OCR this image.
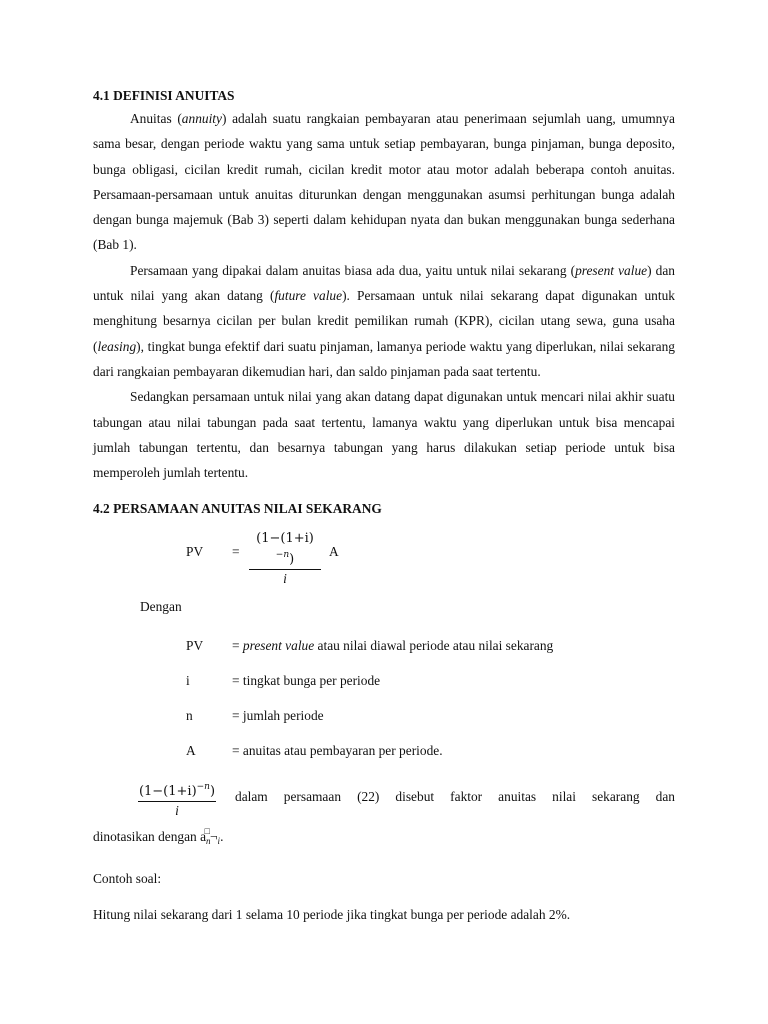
4.1 DEFINISI ANUITAS

Anuitas (annuity) adalah suatu rangkaian pembayaran atau penerimaan sejumlah uang, umumnya sama besar, dengan periode waktu yang sama untuk setiap pembayaran, bunga pinjaman, bunga deposito, bunga obligasi, cicilan kredit rumah, cicilan kredit motor atau motor adalah beberapa contoh anuitas. Persamaan-persamaan untuk anuitas diturunkan dengan menggunakan asumsi perhitungan bunga adalah dengan bunga majemuk (Bab 3) seperti dalam kehidupan nyata dan bukan menggunakan bunga sederhana (Bab 1).

Persamaan yang dipakai dalam anuitas biasa ada dua, yaitu untuk nilai sekarang (present value) dan untuk nilai yang akan datang (future value). Persamaan untuk nilai sekarang dapat digunakan untuk menghitung besarnya cicilan per bulan kredit pemilikan rumah (KPR), cicilan utang sewa, guna usaha (leasing), tingkat bunga efektif dari suatu pinjaman, lamanya periode waktu yang diperlukan, nilai sekarang dari rangkaian pembayaran dikemudian hari, dan saldo pinjaman pada saat tertentu.

Sedangkan persamaan untuk nilai yang akan datang dapat digunakan untuk mencari nilai akhir suatu tabungan atau nilai tabungan pada saat tertentu, lamanya waktu yang diperlukan untuk bisa mencapai jumlah tabungan tertentu, dan besarnya tabungan yang harus dilakukan setiap periode untuk bisa memperoleh jumlah tertentu.

4.2 PERSAMAAN ANUITAS NILAI SEKARANG

PV = $\frac{(1-(1+i)^{-n})}{i}$ A

Dengan

PV = present value atau nilai diawal periode atau nilai sekarang
i	= tingkat bunga per periode
n	= jumlah periode
A	= anuitas atau pembayaran per periode.
$\frac{(1-(1+i)^{-n})}{i}$ dalam persamaan (22) disebut faktor anuitas nilai sekarang dan

dinotasikan dengan $a_n^□\neg_i$.

Contoh soal:

Hitung nilai sekarang dari 1 selama 10 periode jika tingkat bunga per periode adalah 2%.
